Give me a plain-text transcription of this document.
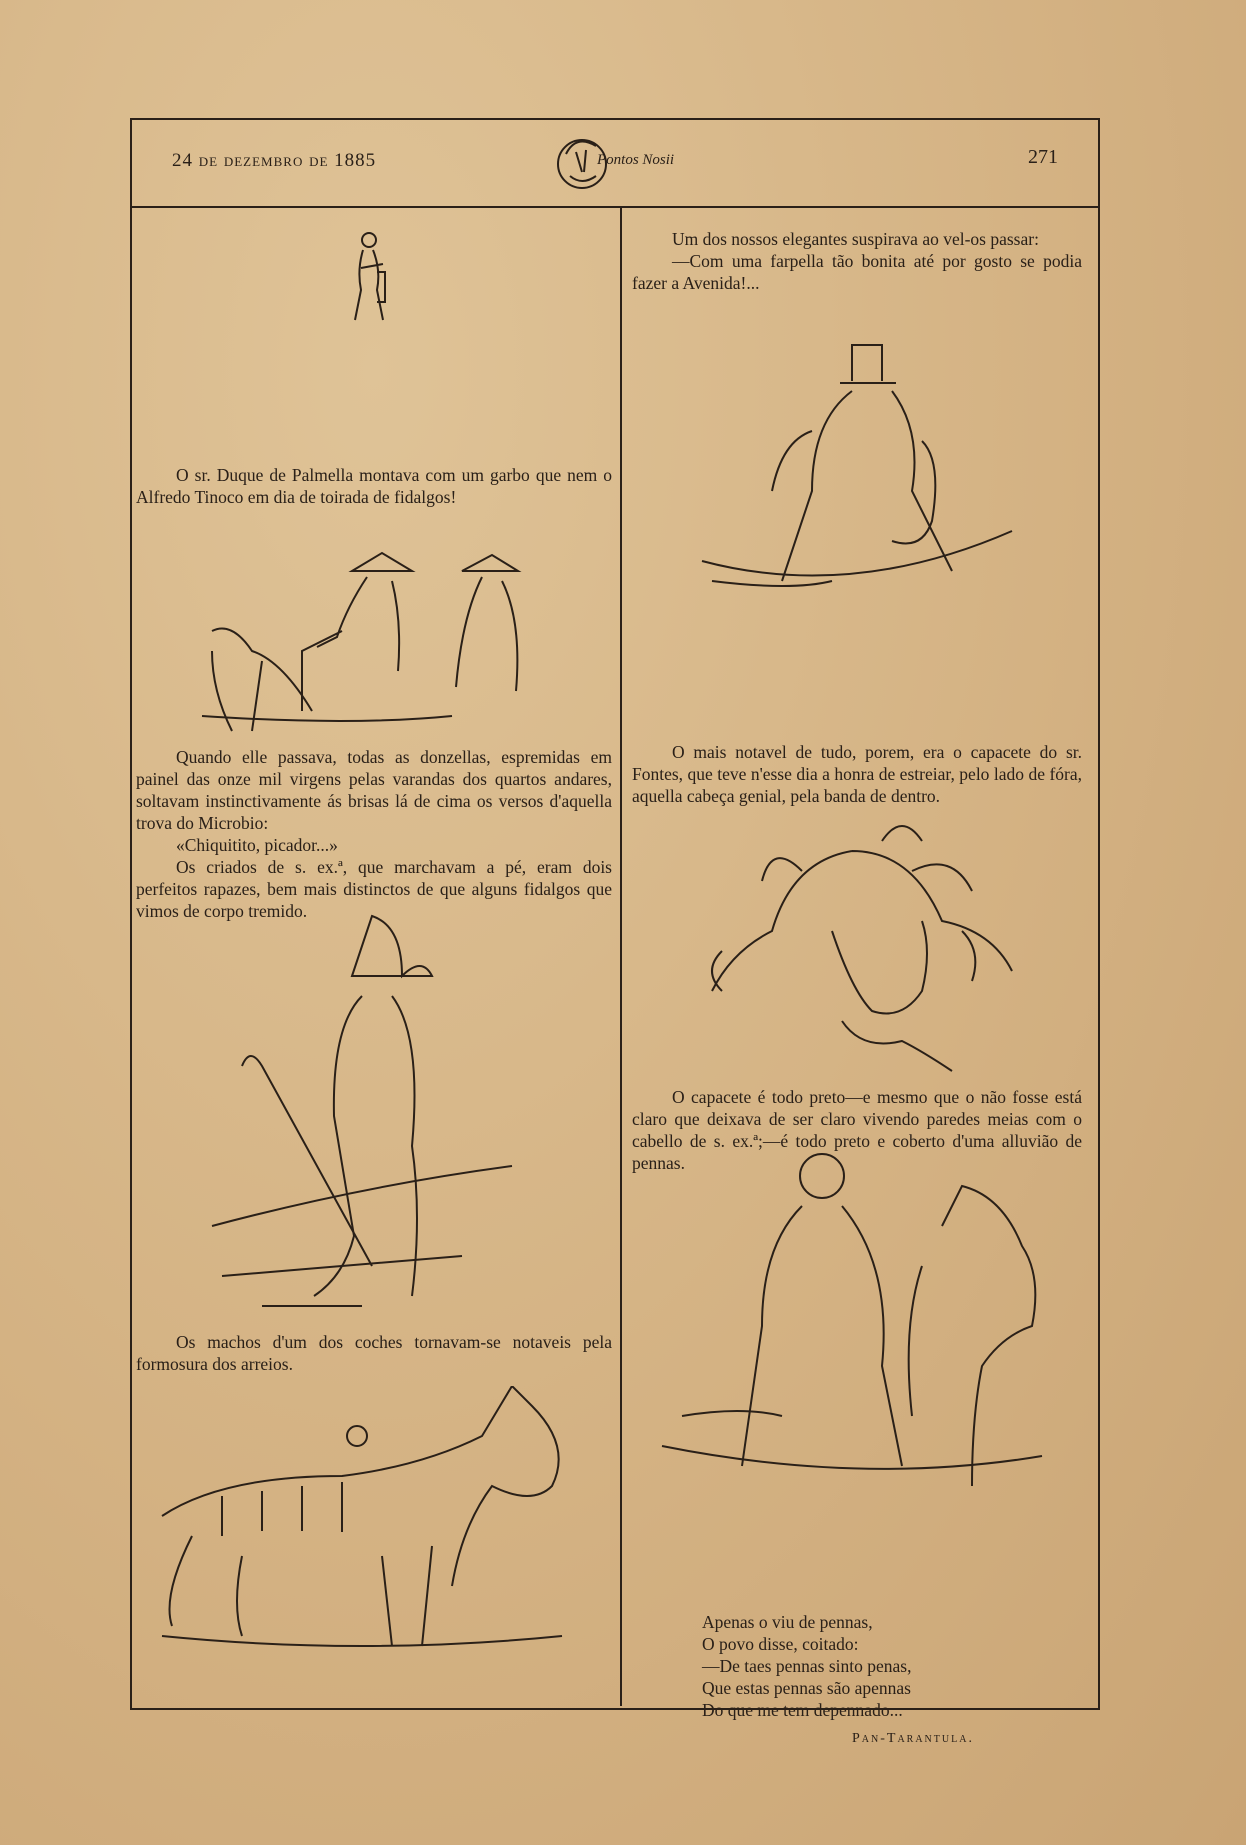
24 de dezembro de 1885	Pontos Nosii	271

O sr. Duque de Palmella montava com um garbo que nem o Alfredo Tinoco em dia de toirada de fidalgos!

Quando elle passava, todas as donzellas, espremidas em painel das onze mil virgens pelas varandas dos quartos andares, soltavam instinctivamente ás brisas lá de cima os versos d'aquella trova do Microbio:

«Chiquitito, picador...»

Os criados de s. ex.ª, que marchavam a pé, eram dois perfeitos rapazes, bem mais distinctos de que alguns fidalgos que vimos de corpo tremido.

Os machos d'um dos coches tornavam-se notaveis pela formosura dos arreios.

Um dos nossos elegantes suspirava ao vel-os passar:

—Com uma farpella tão bonita até por gosto se podia fazer a Avenida!...

O mais notavel de tudo, porem, era o capacete do sr. Fontes, que teve n'esse dia a honra de estreiar, pelo lado de fóra, aquella cabeça genial, pela banda de dentro.

O capacete é todo preto—e mesmo que o não fosse está claro que deixava de ser claro vivendo paredes meias com o cabello de s. ex.ª;—é todo preto e coberto d'uma alluvião de pennas.

Apenas o viu de pennas,
O povo disse, coitado:
—De taes pennas sinto penas,
Que estas pennas são apennas
Do que me tem depennado...
Pan-Tarantula.
